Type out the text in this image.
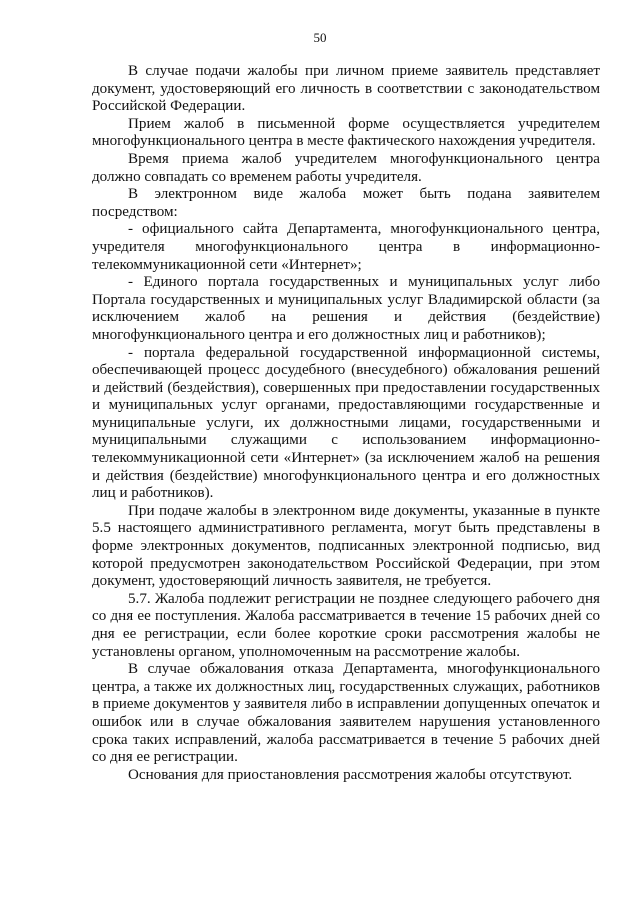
50

В случае подачи жалобы при личном приеме заявитель представляет документ, удостоверяющий его личность в соответствии с законодательством Российской Федерации.

Прием жалоб в письменной форме осуществляется учредителем многофункционального центра в месте фактического нахождения учредителя.

Время приема жалоб учредителем многофункционального центра должно совпадать со временем работы учредителя.

В электронном виде жалоба может быть подана заявителем посредством:

- официального сайта Департамента, многофункционального центра, учредителя многофункционального центра в информационно-телекоммуникационной сети «Интернет»;

- Единого портала государственных и муниципальных услуг либо Портала государственных и муниципальных услуг Владимирской области (за исключением жалоб на решения и действия (бездействие) многофункционального центра и его должностных лиц и работников);

- портала федеральной государственной информационной системы, обеспечивающей процесс досудебного (внесудебного) обжалования решений и действий (бездействия), совершенных при предоставлении государственных и муниципальных услуг органами, предоставляющими государственные и муниципальные услуги, их должностными лицами, государственными и муниципальными служащими с использованием информационно-телекоммуникационной сети «Интернет» (за исключением жалоб на решения и действия (бездействие) многофункционального центра и его должностных лиц и работников).

При подаче жалобы в электронном виде документы, указанные в пункте 5.5 настоящего административного регламента, могут быть представлены в форме электронных документов, подписанных электронной подписью, вид которой предусмотрен законодательством Российской Федерации, при этом документ, удостоверяющий личность заявителя, не требуется.

5.7. Жалоба подлежит регистрации не позднее следующего рабочего дня со дня ее поступления. Жалоба рассматривается в течение 15 рабочих дней со дня ее регистрации, если более короткие сроки рассмотрения жалобы не установлены органом, уполномоченным на рассмотрение жалобы.

В случае обжалования отказа Департамента, многофункционального центра, а также их должностных лиц, государственных служащих, работников в приеме документов у заявителя либо в исправлении допущенных опечаток и ошибок или в случае обжалования заявителем нарушения установленного срока таких исправлений, жалоба рассматривается в течение 5 рабочих дней со дня ее регистрации.

Основания для приостановления рассмотрения жалобы отсутствуют.
